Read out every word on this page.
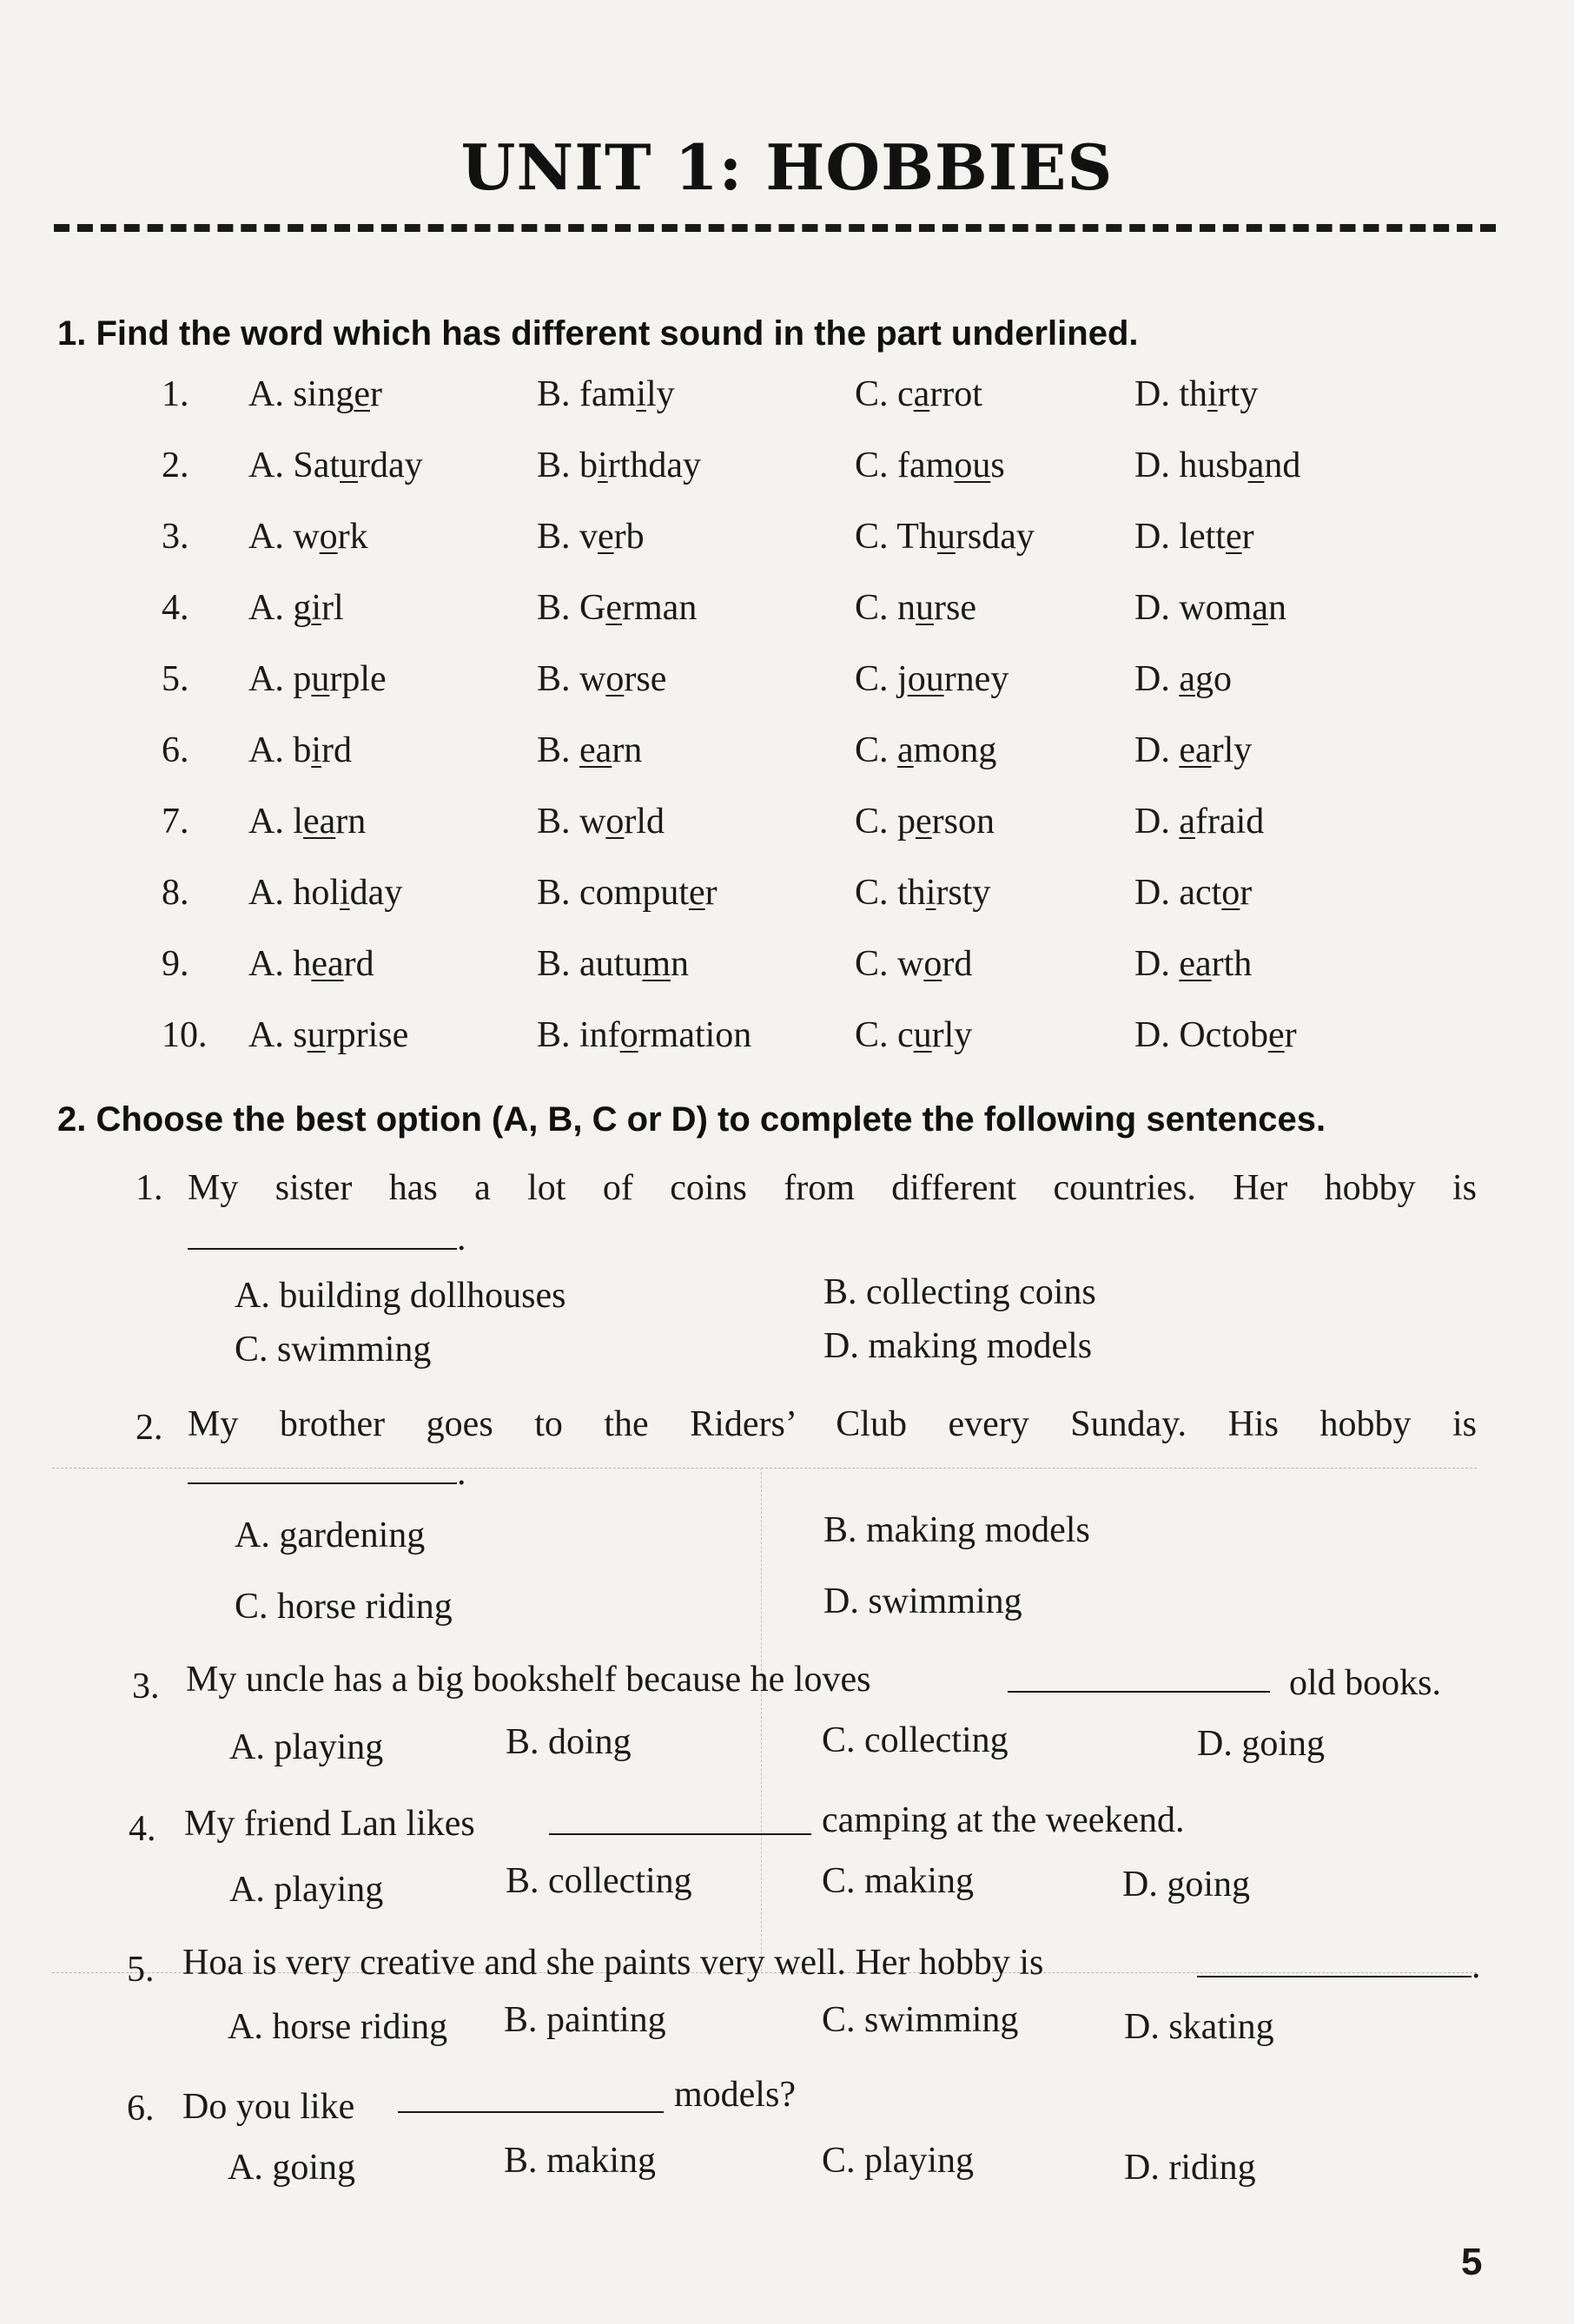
UNIT 1: HOBBIES
1. Find the word which has different sound in the part underlined.
1. A. singer	B. family	C. carrot	D. thirty
2. A. Saturday	B. birthday	C. famous	D. husband
3. A. work	B. verb	C. Thursday	D. letter
4. A. girl	B. German	C. nurse	D. woman
5. A. purple	B. worse	C. journey	D. ago
6. A. bird	B. earn	C. among	D. early
7. A. learn	B. world	C. person	D. afraid
8. A. holiday	B. computer	C. thirsty	D. actor
9. A. heard	B. autumn	C. word	D. earth
10. A. surprise	B. information	C. curly	D. October
2. Choose the best option (A, B, C or D) to complete the following sentences.
1. My sister has a lot of coins from different countries. Her hobby is
.
A. building dollhouses	B. collecting coins
C. swimming	D. making models
2. My brother goes to the Riders’ Club every Sunday. His hobby is
.
A. gardening	B. making models
C. horse riding	D. swimming
3. My uncle has a big bookshelf because he loves	old books.
A. playing	B. doing	C. collecting	D. going
4. My friend Lan likes	camping at the weekend.
A. playing	B. collecting	C. making	D. going
5. Hoa is very creative and she paints very well. Her hobby is	.
A. horse riding B. painting	C. swimming	D. skating
6. Do you like	models?
A. going	B. making	C. playing	D. riding
5
